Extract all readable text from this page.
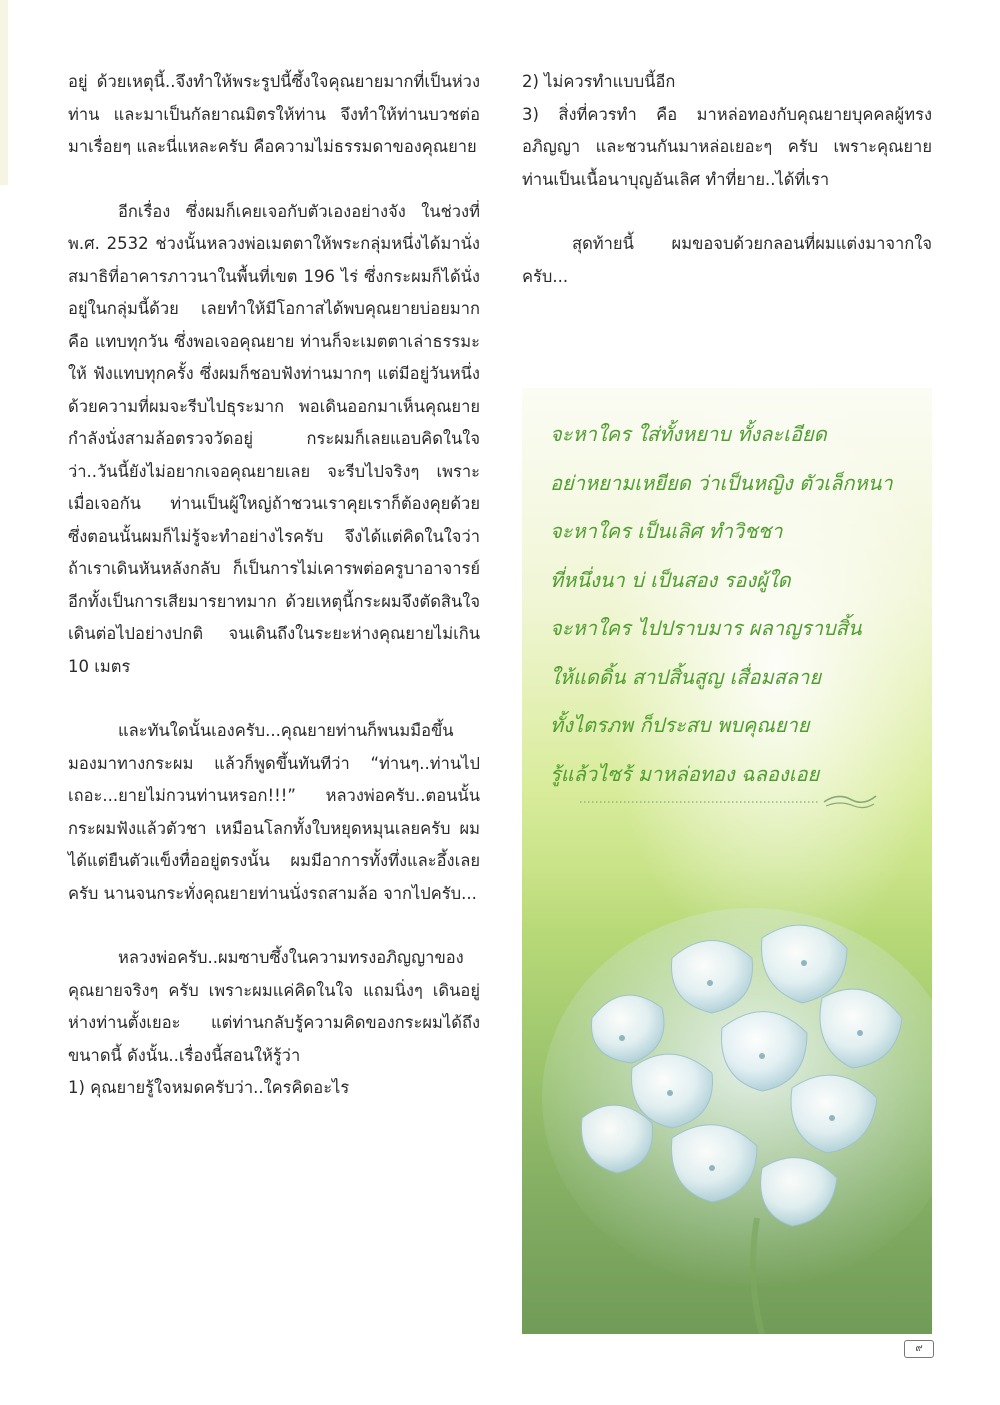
อยู่ ด้วยเหตุนี้..จึงทำให้พระรูปนี้ซึ้งใจคุณยายมากที่เป็นห่วงท่าน และมาเป็นกัลยาณมิตรให้ท่าน จึงทำให้ท่านบวชต่อมาเรื่อยๆ และนี่แหละครับ คือความไม่ธรรมดาของคุณยาย

อีกเรื่อง ซึ่งผมก็เคยเจอกับตัวเองอย่างจัง ในช่วงที่ พ.ศ. 2532 ช่วงนั้นหลวงพ่อเมตตาให้พระกลุ่มหนึ่งได้มานั่งสมาธิที่อาคารภาวนาในพื้นที่เขต 196 ไร่ ซึ่งกระผมก็ได้นั่งอยู่ในกลุ่มนี้ด้วย เลยทำให้มีโอกาสได้พบคุณยายบ่อยมาก คือ แทบทุกวัน ซึ่งพอเจอคุณยาย ท่านก็จะเมตตาเล่าธรรมะให้ ฟังแทบทุกครั้ง ซึ่งผมก็ชอบฟังท่านมากๆ แต่มีอยู่วันหนึ่ง ด้วยความที่ผมจะรีบไปธุระมาก พอเดินออกมาเห็นคุณยายกำลังนั่งสามล้อตรวจวัดอยู่ กระผมก็เลยแอบคิดในใจว่า..วันนี้ยังไม่อยากเจอคุณยายเลย จะรีบไปจริงๆ เพราะเมื่อเจอกัน ท่านเป็นผู้ใหญ่ถ้าชวนเราคุยเราก็ต้องคุยด้วย ซึ่งตอนนั้นผมก็ไม่รู้จะทำอย่างไรครับ จึงได้แต่คิดในใจว่า ถ้าเราเดินหันหลังกลับ ก็เป็นการไม่เคารพต่อครูบาอาจารย์ อีกทั้งเป็นการเสียมารยาทมาก ด้วยเหตุนี้กระผมจึงตัดสินใจเดินต่อไปอย่างปกติ จนเดินถึงในระยะห่างคุณยายไม่เกิน 10 เมตร

และทันใดนั้นเองครับ...คุณยายท่านก็พนมมือขึ้นมองมาทางกระผม แล้วก็พูดขึ้นทันทีว่า “ท่านๆ..ท่านไปเถอะ...ยายไม่กวนท่านหรอก!!!” หลวงพ่อครับ..ตอนนั้นกระผมฟังแล้วตัวชา เหมือนโลกทั้งใบหยุดหมุนเลยครับ ผมได้แต่ยืนตัวแข็งทื่ออยู่ตรงนั้น ผมมีอาการทั้งทึ่งและอึ้งเลยครับ นานจนกระทั่งคุณยายท่านนั่งรถสามล้อ จากไปครับ...

หลวงพ่อครับ..ผมซาบซึ้งในความทรงอภิญญาของคุณยายจริงๆ ครับ เพราะผมแค่คิดในใจ แถมนิ่งๆ เดินอยู่ห่างท่านตั้งเยอะ แต่ท่านกลับรู้ความคิดของกระผมได้ถึงขนาดนี้ ดังนั้น..เรื่องนี้สอนให้รู้ว่า

1) คุณยายรู้ใจหมดครับว่า..ใครคิดอะไร

2) ไม่ควรทำแบบนี้อีก

3) สิ่งที่ควรทำ คือ มาหล่อทองกับคุณยายบุคคลผู้ทรงอภิญญา และชวนกันมาหล่อเยอะๆ ครับ เพราะคุณยายท่านเป็นเนื้อนาบุญอันเลิศ ทำที่ยาย..ได้ที่เรา

สุดท้ายนี้ ผมขอจบด้วยกลอนที่ผมแต่งมาจากใจครับ...

จะหาใคร ใส่ทั้งหยาบ ทั้งละเอียด

อย่าหยามเหยียด ว่าเป็นหญิง ตัวเล็กหนา

จะหาใคร เป็นเลิศ ทำวิชชา

ที่หนึ่งนา บ่ เป็นสอง รองผู้ใด

จะหาใคร ไปปราบมาร ผลาญราบสิ้น

ให้แดดิ้น สาปสิ้นสูญ เสื่อมสลาย

ทั้งไตรภพ ก็ประสบ พบคุณยาย

รู้แล้วไซร้ มาหล่อทอง ฉลองเอย

๙
